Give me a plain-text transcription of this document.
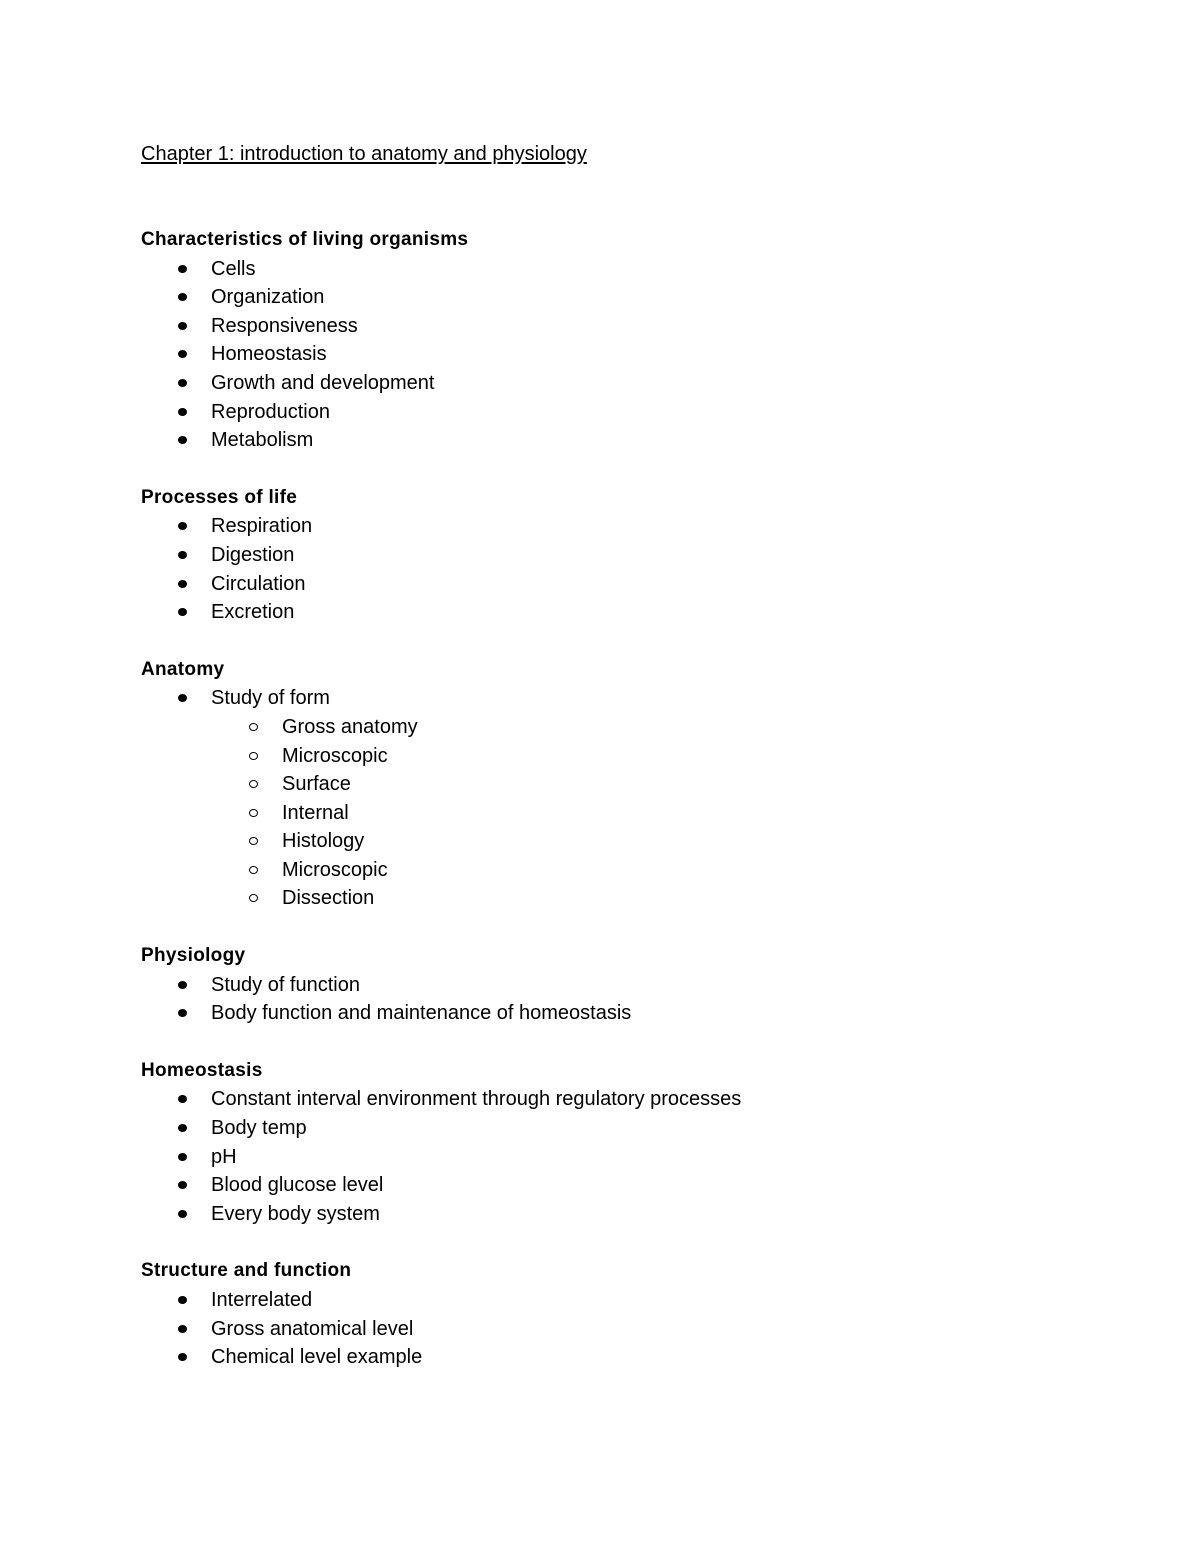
Chapter 1: introduction to anatomy and physiology
Characteristics of living organisms
Cells
Organization
Responsiveness
Homeostasis
Growth and development
Reproduction
Metabolism
Processes of life
Respiration
Digestion
Circulation
Excretion
Anatomy
Study of form
Gross anatomy
Microscopic
Surface
Internal
Histology
Microscopic
Dissection
Physiology
Study of function
Body function and maintenance of homeostasis
Homeostasis
Constant interval environment through regulatory processes
Body temp
pH
Blood glucose level
Every body system
Structure and function
Interrelated
Gross anatomical level
Chemical level example
